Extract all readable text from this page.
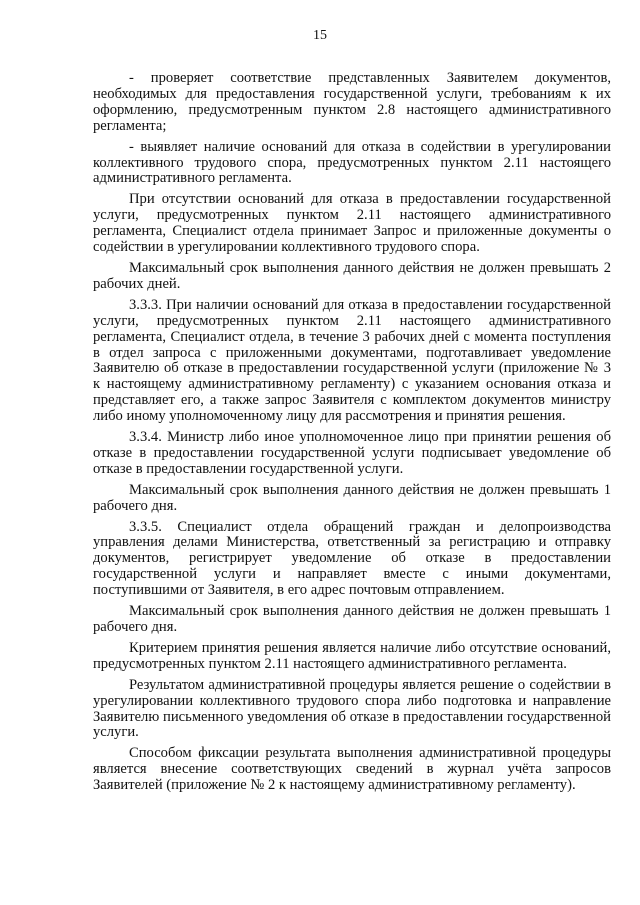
15

- проверяет соответствие представленных Заявителем документов, необходимых для предоставления государственной услуги, требованиям к их оформлению, предусмотренным пунктом 2.8 настоящего административного регламента;

- выявляет наличие оснований для отказа в содействии в урегулировании коллективного трудового спора, предусмотренных пунктом 2.11 настоящего административного регламента.

При отсутствии оснований для отказа в предоставлении государственной услуги, предусмотренных пунктом 2.11 настоящего административного регламента, Специалист отдела принимает Запрос и приложенные документы о содействии в урегулировании коллективного трудового спора.

Максимальный срок выполнения данного действия не должен превышать 2 рабочих дней.

3.3.3. При наличии оснований для отказа в предоставлении государственной услуги, предусмотренных пунктом 2.11 настоящего административного регламента, Специалист отдела, в течение 3 рабочих дней с момента поступления в отдел запроса с приложенными документами, подготавливает уведомление Заявителю об отказе в предоставлении государственной услуги (приложение № 3 к настоящему административному регламенту) с указанием основания отказа и представляет его, а также запрос Заявителя с комплектом документов министру либо иному уполномоченному лицу для рассмотрения и принятия решения.

3.3.4. Министр либо иное уполномоченное лицо при принятии решения об отказе в предоставлении государственной услуги подписывает уведомление об отказе в предоставлении государственной услуги.

Максимальный срок выполнения данного действия не должен превышать 1 рабочего дня.

3.3.5. Специалист отдела обращений граждан и делопроизводства управления делами Министерства, ответственный за регистрацию и отправку документов, регистрирует уведомление об отказе в предоставлении государственной услуги и направляет вместе с иными документами, поступившими от Заявителя, в его адрес почтовым отправлением.

Максимальный срок выполнения данного действия не должен превышать 1 рабочего дня.

Критерием принятия решения является наличие либо отсутствие оснований, предусмотренных пунктом 2.11 настоящего административного регламента.

Результатом административной процедуры является решение о содействии в урегулировании коллективного трудового спора либо подготовка и направление Заявителю письменного уведомления об отказе в предоставлении государственной услуги.

Способом фиксации результата выполнения административной процедуры является внесение соответствующих сведений в журнал учёта запросов Заявителей (приложение № 2 к настоящему административному регламенту).
